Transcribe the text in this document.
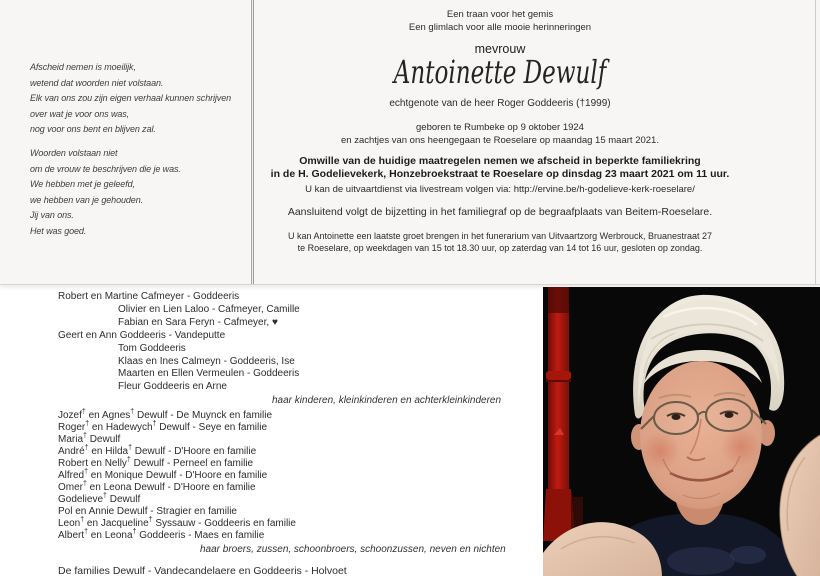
Afscheid nemen is moeilijk,
wetend dat woorden niet volstaan.
Elk van ons zou zijn eigen verhaal kunnen schrijven
over wat je voor ons was,
nog voor ons bent en blijven zal.
Woorden volstaan niet
om de vrouw te beschrijven die je was.
We hebben met je geleefd,
we hebben van je gehouden.
Jij van ons.
Het was goed.
Een traan voor het gemis
Een glimlach voor alle mooie herinneringen
mevrouw
Antoinette Dewulf
echtgenote van de heer Roger Goddeeris (†1999)
geboren te Rumbeke op 9 oktober 1924
en zachtjes van ons heengegaan te Roeselare op maandag 15 maart 2021.
Omwille van de huidige maatregelen nemen we afscheid in beperkte familiekring
in de H. Godelievekerk, Honzebroekstraat te Roeselare op dinsdag 23 maart 2021 om 11 uur.
U kan de uitvaartdienst via livestream volgen via: http://ervine.be/h-godelieve-kerk-roeselare/
Aansluitend volgt de bijzetting in het familiegraf op de begraafplaats van Beitem-Roeselare.
U kan Antoinette een laatste groet brengen in het funerarium van Uitvaartzorg Werbrouck, Bruanestraat 27
te Roeselare, op weekdagen van 15 tot 18.30 uur, op zaterdag van 14 tot 16 uur, gesloten op zondag.
Robert en Martine Cafmeyer - Goddeeris
Olivier en Lien Laloo - Cafmeyer, Camille
Fabian en Sara Feryn - Cafmeyer, ♥
Geert en Ann Goddeeris - Vandeputte
Tom Goddeeris
Klaas en Ines Calmeyn - Goddeeris, Ise
Maarten en Ellen Vermeulen - Goddeeris
Fleur Goddeeris en Arne
haar kinderen, kleinkinderen en achterkleinkinderen
Jozef† en Agnes† Dewulf - De Muynck en familie
Roger† en Hadewych† Dewulf - Seye en familie
Maria† Dewulf
André† en Hilda† Dewulf - D'Hoore en familie
Robert en Nelly† Dewulf - Perneel en familie
Alfred† en Monique Dewulf - D'Hoore en familie
Omer† en Leona Dewulf - D'Hoore en familie
Godelieve† Dewulf
Pol en Annie Dewulf - Stragier en familie
Leon† en Jacqueline† Syssauw - Goddeeris en familie
Albert† en Leona† Goddeeris - Maes en familie
haar broers, zussen, schoonbroers, schoonzussen, neven en nichten
De families Dewulf - Vandecandelaere en Goddeeris - Holvoet
